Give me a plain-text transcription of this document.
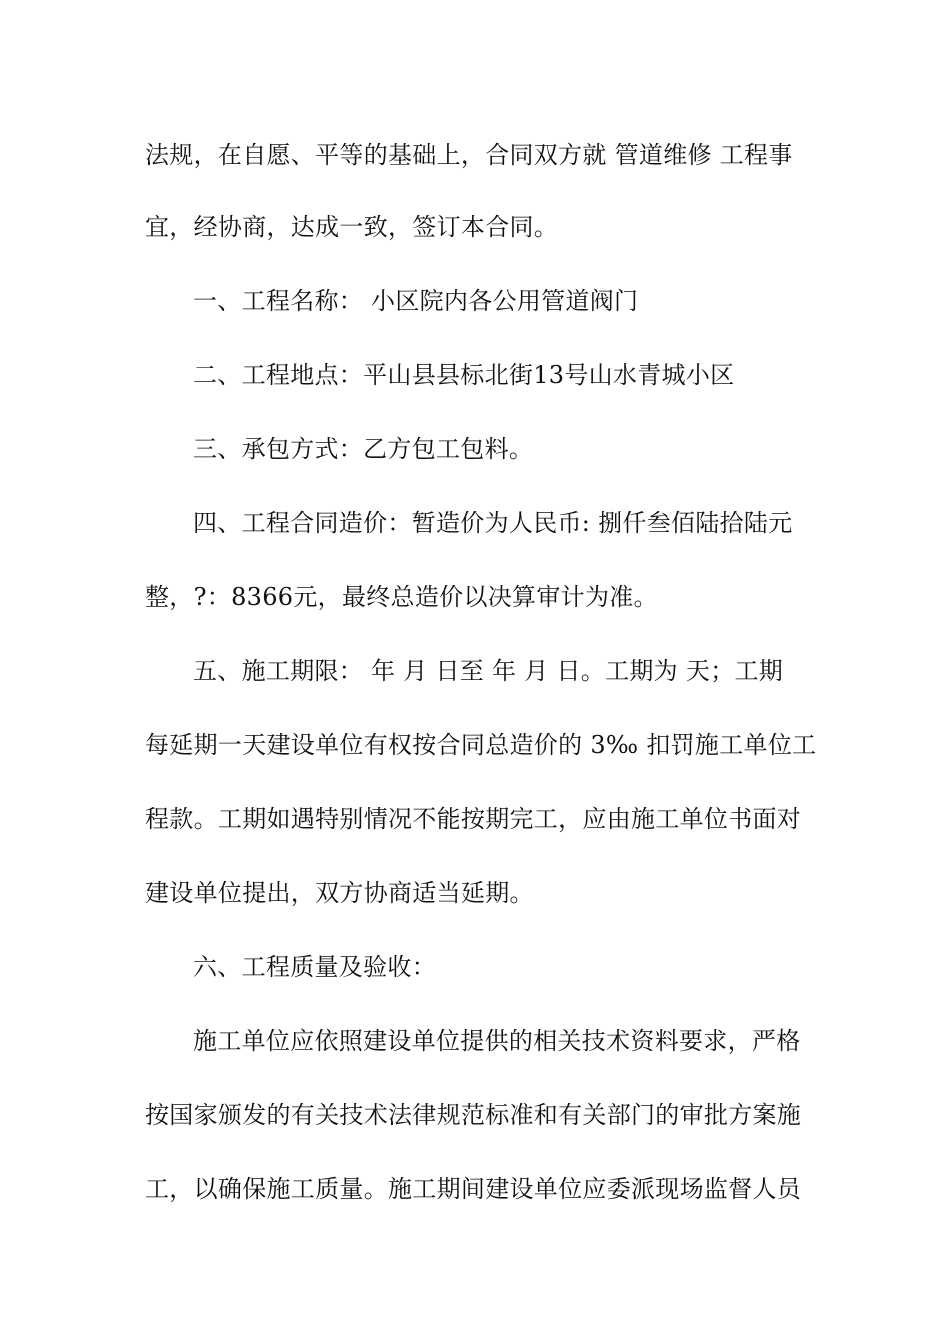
法规，在自愿、平等的基础上，合同双方就 管道维修 工程事
宜，经协商，达成一致，签订本合同。
一、工程名称： 小区院内各公用管道阀门
二、工程地点：平山县县标北街13号山水青城小区
三、承包方式：乙方包工包料。
四、工程合同造价：暂造价为人民币: 捌仟叁佰陆拾陆元
整，?：8366元，最终总造价以决算审计为准。
五、施工期限： 年 月 日至 年 月 日。工期为 天；工期
每延期一天建设单位有权按合同总造价的 3‰ 扣罚施工单位工
程款。工期如遇特别情况不能按期完工，应由施工单位书面对
建设单位提出，双方协商适当延期。
六、工程质量及验收：
施工单位应依照建设单位提供的相关技术资料要求，严格
按国家颁发的有关技术法律规范标准和有关部门的审批方案施
工，以确保施工质量。施工期间建设单位应委派现场监督人员
